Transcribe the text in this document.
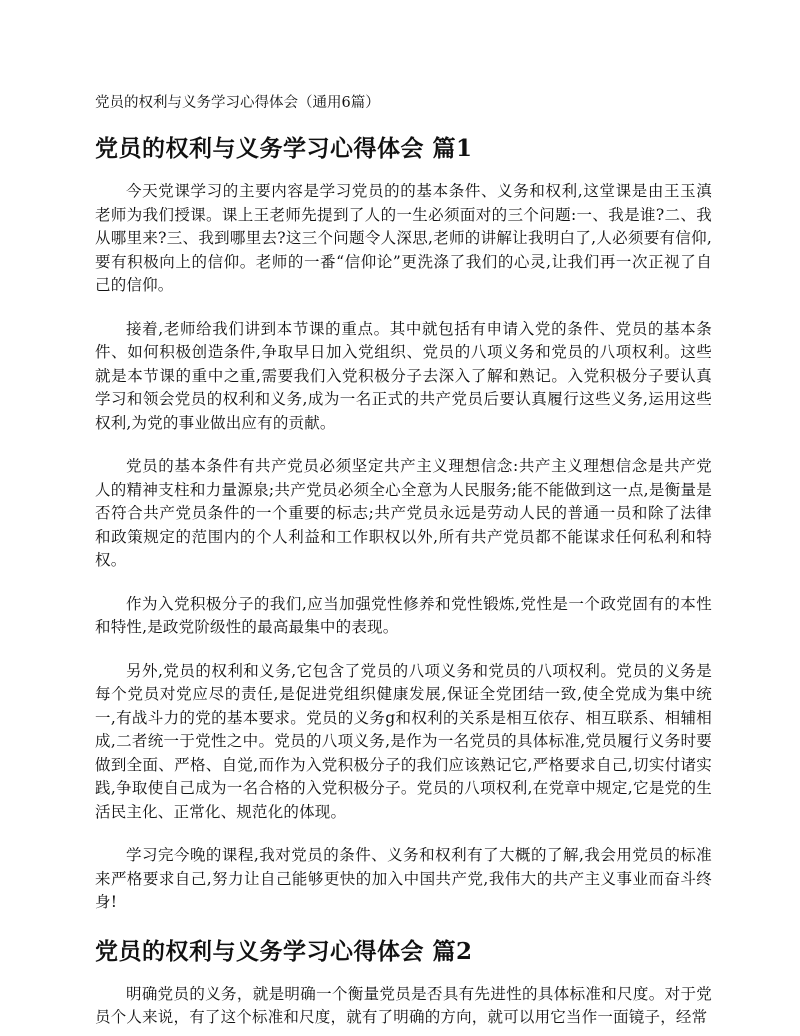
党员的权利与义务学习心得体会（通用6篇）
党员的权利与义务学习心得体会 篇1

今天党课学习的主要内容是学习党员的的基本条件、义务和权利,这堂课是由王玉滇老师为我们授课。课上王老师先提到了人的一生必须面对的三个问题:一、我是谁?二、我从哪里来?三、我到哪里去?这三个问题令人深思,老师的讲解让我明白了,人必须要有信仰,要有积极向上的信仰。老师的一番“信仰论”更洗涤了我们的心灵,让我们再一次正视了自己的信仰。

接着,老师给我们讲到本节课的重点。其中就包括有申请入党的条件、党员的基本条件、如何积极创造条件,争取早日加入党组织、党员的八项义务和党员的八项权利。这些就是本节课的重中之重,需要我们入党积极分子去深入了解和熟记。入党积极分子要认真学习和领会党员的权利和义务,成为一名正式的共产党员后要认真履行这些义务,运用这些权利,为党的事业做出应有的贡献。

党员的基本条件有共产党员必须坚定共产主义理想信念:共产主义理想信念是共产党人的精神支柱和力量源泉;共产党员必须全心全意为人民服务;能不能做到这一点,是衡量是否符合共产党员条件的一个重要的标志;共产党员永远是劳动人民的普通一员和除了法律和政策规定的范围内的个人利益和工作职权以外,所有共产党员都不能谋求任何私利和特权。

作为入党积极分子的我们,应当加强党性修养和党性锻炼,党性是一个政党固有的本性和特性,是政党阶级性的最高最集中的表现。

另外,党员的权利和义务,它包含了党员的八项义务和党员的八项权利。党员的义务是每个党员对党应尽的责任,是促进党组织健康发展,保证全党团结一致,使全党成为集中统一,有战斗力的党的基本要求。党员的义务g和权利的关系是相互依存、相互联系、相辅相成,二者统一于党性之中。党员的八项义务,是作为一名党员的具体标准,党员履行义务时要做到全面、严格、自觉,而作为入党积极分子的我们应该熟记它,严格要求自己,切实付诸实践,争取使自己成为一名合格的入党积极分子。党员的八项权利,在党章中规定,它是党的生活民主化、正常化、规范化的体现。

学习完今晚的课程,我对党员的条件、义务和权利有了大概的了解,我会用党员的标准来严格要求自己,努力让自己能够更快的加入中国共产党,我伟大的共产主义事业而奋斗终身!

党员的权利与义务学习心得体会 篇2

明确党员的义务，就是明确一个衡量党员是否具有先进性的具体标准和尺度。对于党员个人来说，有了这个标准和尺度，就有了明确的方向，就可以用它当作一面镜子，经常
